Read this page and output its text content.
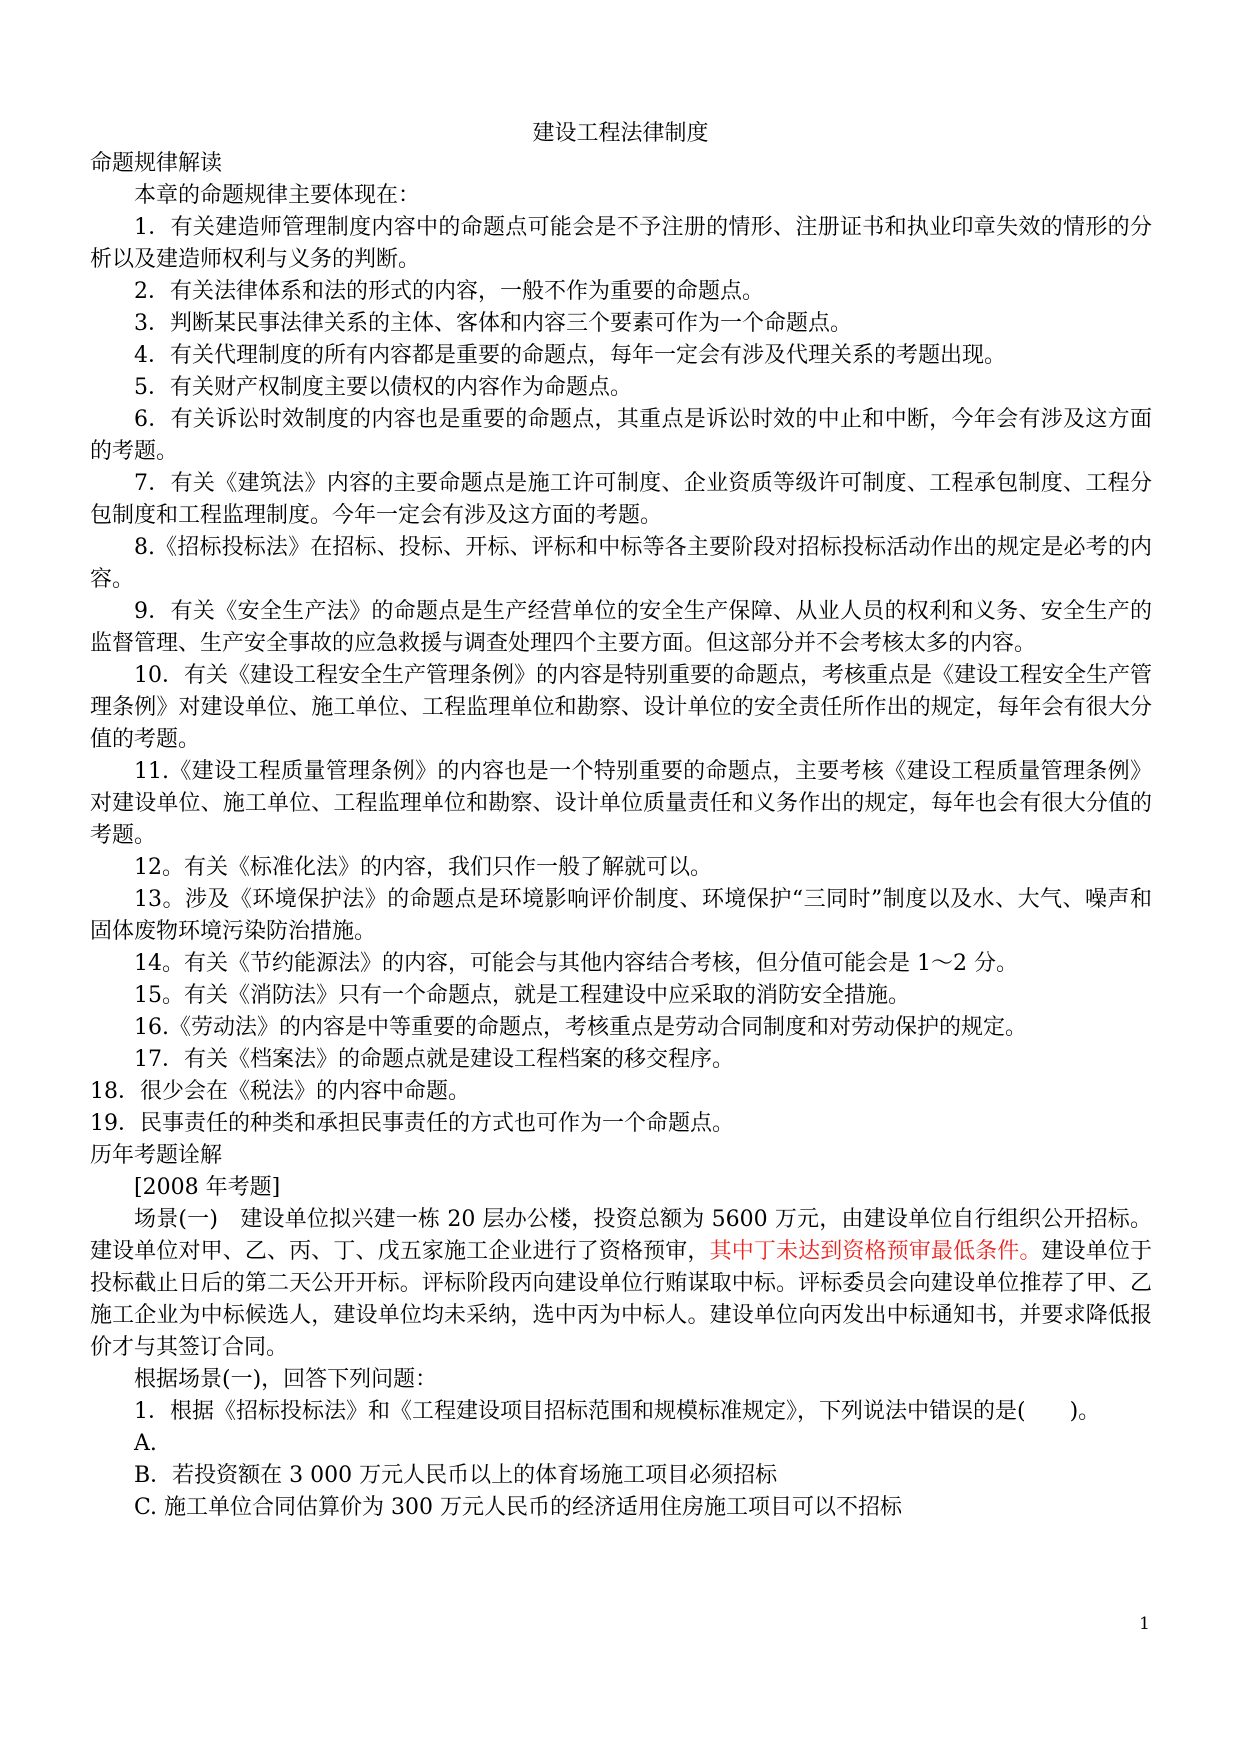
建设工程法律制度

命题规律解读

本章的命题规律主要体现在：

1．有关建造师管理制度内容中的命题点可能会是不予注册的情形、注册证书和执业印章失效的情形的分析以及建造师权利与义务的判断。

2．有关法律体系和法的形式的内容，一般不作为重要的命题点。

3．判断某民事法律关系的主体、客体和内容三个要素可作为一个命题点。

4．有关代理制度的所有内容都是重要的命题点，每年一定会有涉及代理关系的考题出现。

5．有关财产权制度主要以债权的内容作为命题点。

6．有关诉讼时效制度的内容也是重要的命题点，其重点是诉讼时效的中止和中断，今年会有涉及这方面的考题。

7．有关《建筑法》内容的主要命题点是施工许可制度、企业资质等级许可制度、工程承包制度、工程分包制度和工程监理制度。今年一定会有涉及这方面的考题。

8.《招标投标法》在招标、投标、开标、评标和中标等各主要阶段对招标投标活动作出的规定是必考的内容。

9．有关《安全生产法》的命题点是生产经营单位的安全生产保障、从业人员的权利和义务、安全生产的监督管理、生产安全事故的应急救援与调查处理四个主要方面。但这部分并不会考核太多的内容。

10．有关《建设工程安全生产管理条例》的内容是特别重要的命题点，考核重点是《建设工程安全生产管理条例》对建设单位、施工单位、工程监理单位和勘察、设计单位的安全责任所作出的规定，每年会有很大分值的考题。

11.《建设工程质量管理条例》的内容也是一个特别重要的命题点，主要考核《建设工程质量管理条例》对建设单位、施工单位、工程监理单位和勘察、设计单位质量责任和义务作出的规定，每年也会有很大分值的考题。

12。有关《标准化法》的内容，我们只作一般了解就可以。

13。涉及《环境保护法》的命题点是环境影响评价制度、环境保护“三同时”制度以及水、大气、噪声和固体废物环境污染防治措施。

14。有关《节约能源法》的内容，可能会与其他内容结合考核，但分值可能会是 1～2 分。

15。有关《消防法》只有一个命题点，就是工程建设中应采取的消防安全措施。

16.《劳动法》的内容是中等重要的命题点，考核重点是劳动合同制度和对劳动保护的规定。

17．有关《档案法》的命题点就是建设工程档案的移交程序。

18．很少会在《税法》的内容中命题。

19．民事责任的种类和承担民事责任的方式也可作为一个命题点。

历年考题诠解

[2008 年考题]

场景(一)　建设单位拟兴建一栋 20 层办公楼，投资总额为 5600 万元，由建设单位自行组织公开招标。建设单位对甲、乙、丙、丁、戊五家施工企业进行了资格预审，其中丁未达到资格预审最低条件。建设单位于投标截止日后的第二天公开开标。评标阶段丙向建设单位行贿谋取中标。评标委员会向建设单位推荐了甲、乙施工企业为中标候选人，建设单位均未采纳，选中丙为中标人。建设单位向丙发出中标通知书，并要求降低报价才与其签订合同。

根据场景(一)，回答下列问题：

1．根据《招标投标法》和《工程建设项目招标范围和规模标准规定》，下列说法中错误的是(　　)。

A.

B．若投资额在 3 000 万元人民币以上的体育场施工项目必须招标

C. 施工单位合同估算价为 300 万元人民币的经济适用住房施工项目可以不招标

1
